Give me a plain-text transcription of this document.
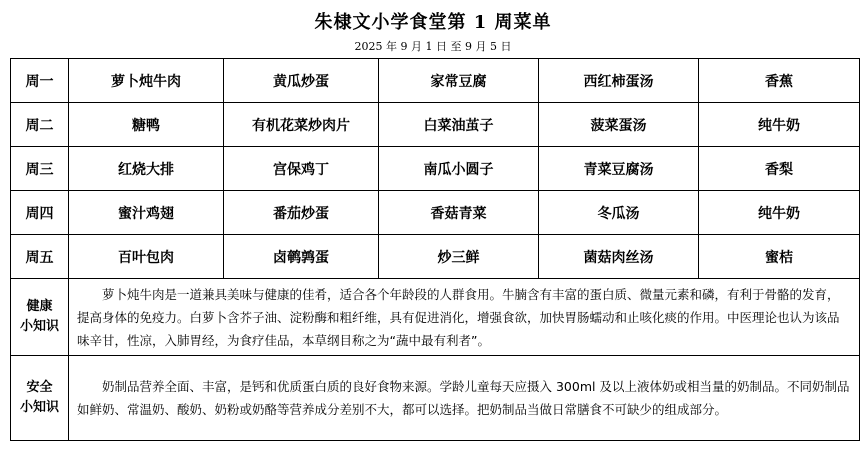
朱棣文小学食堂第 1 周菜单
2025 年 9 月 1 日 至 9 月 5 日
周一	萝卜炖牛肉	黄瓜炒蛋	家常豆腐	西红柿蛋汤	香蕉
周二	糖鸭	有机花菜炒肉片	白菜油茧子	菠菜蛋汤	纯牛奶
周三	红烧大排	宫保鸡丁	南瓜小圆子	青菜豆腐汤	香梨
周四	蜜汁鸡翅	番茄炒蛋	香菇青菜	冬瓜汤	纯牛奶
周五	百叶包肉	卤鹌鹑蛋	炒三鲜	菌菇肉丝汤	蜜桔
健康
小知识	萝卜炖牛肉是一道兼具美味与健康的佳肴，适合各个年龄段的人群食用。牛腩含有丰富的蛋白质、微量元素和磷，有利于骨骼的发育，提高身体的免疫力。白萝卜含芥子油、淀粉酶和粗纤维，具有促进消化，增强食欲，加快胃肠蠕动和止咳化痰的作用。中医理论也认为该品味辛甘，性凉，入肺胃经，为食疗佳品，本草纲目称之为“蔬中最有利者”。				
安全
小知识	奶制品营养全面、丰富，是钙和优质蛋白质的良好食物来源。学龄儿童每天应摄入 300ml 及以上液体奶或相当量的奶制品。不同奶制品如鲜奶、常温奶、酸奶、奶粉或奶酪等营养成分差别不大，都可以选择。把奶制品当做日常膳食不可缺少的组成部分。				
